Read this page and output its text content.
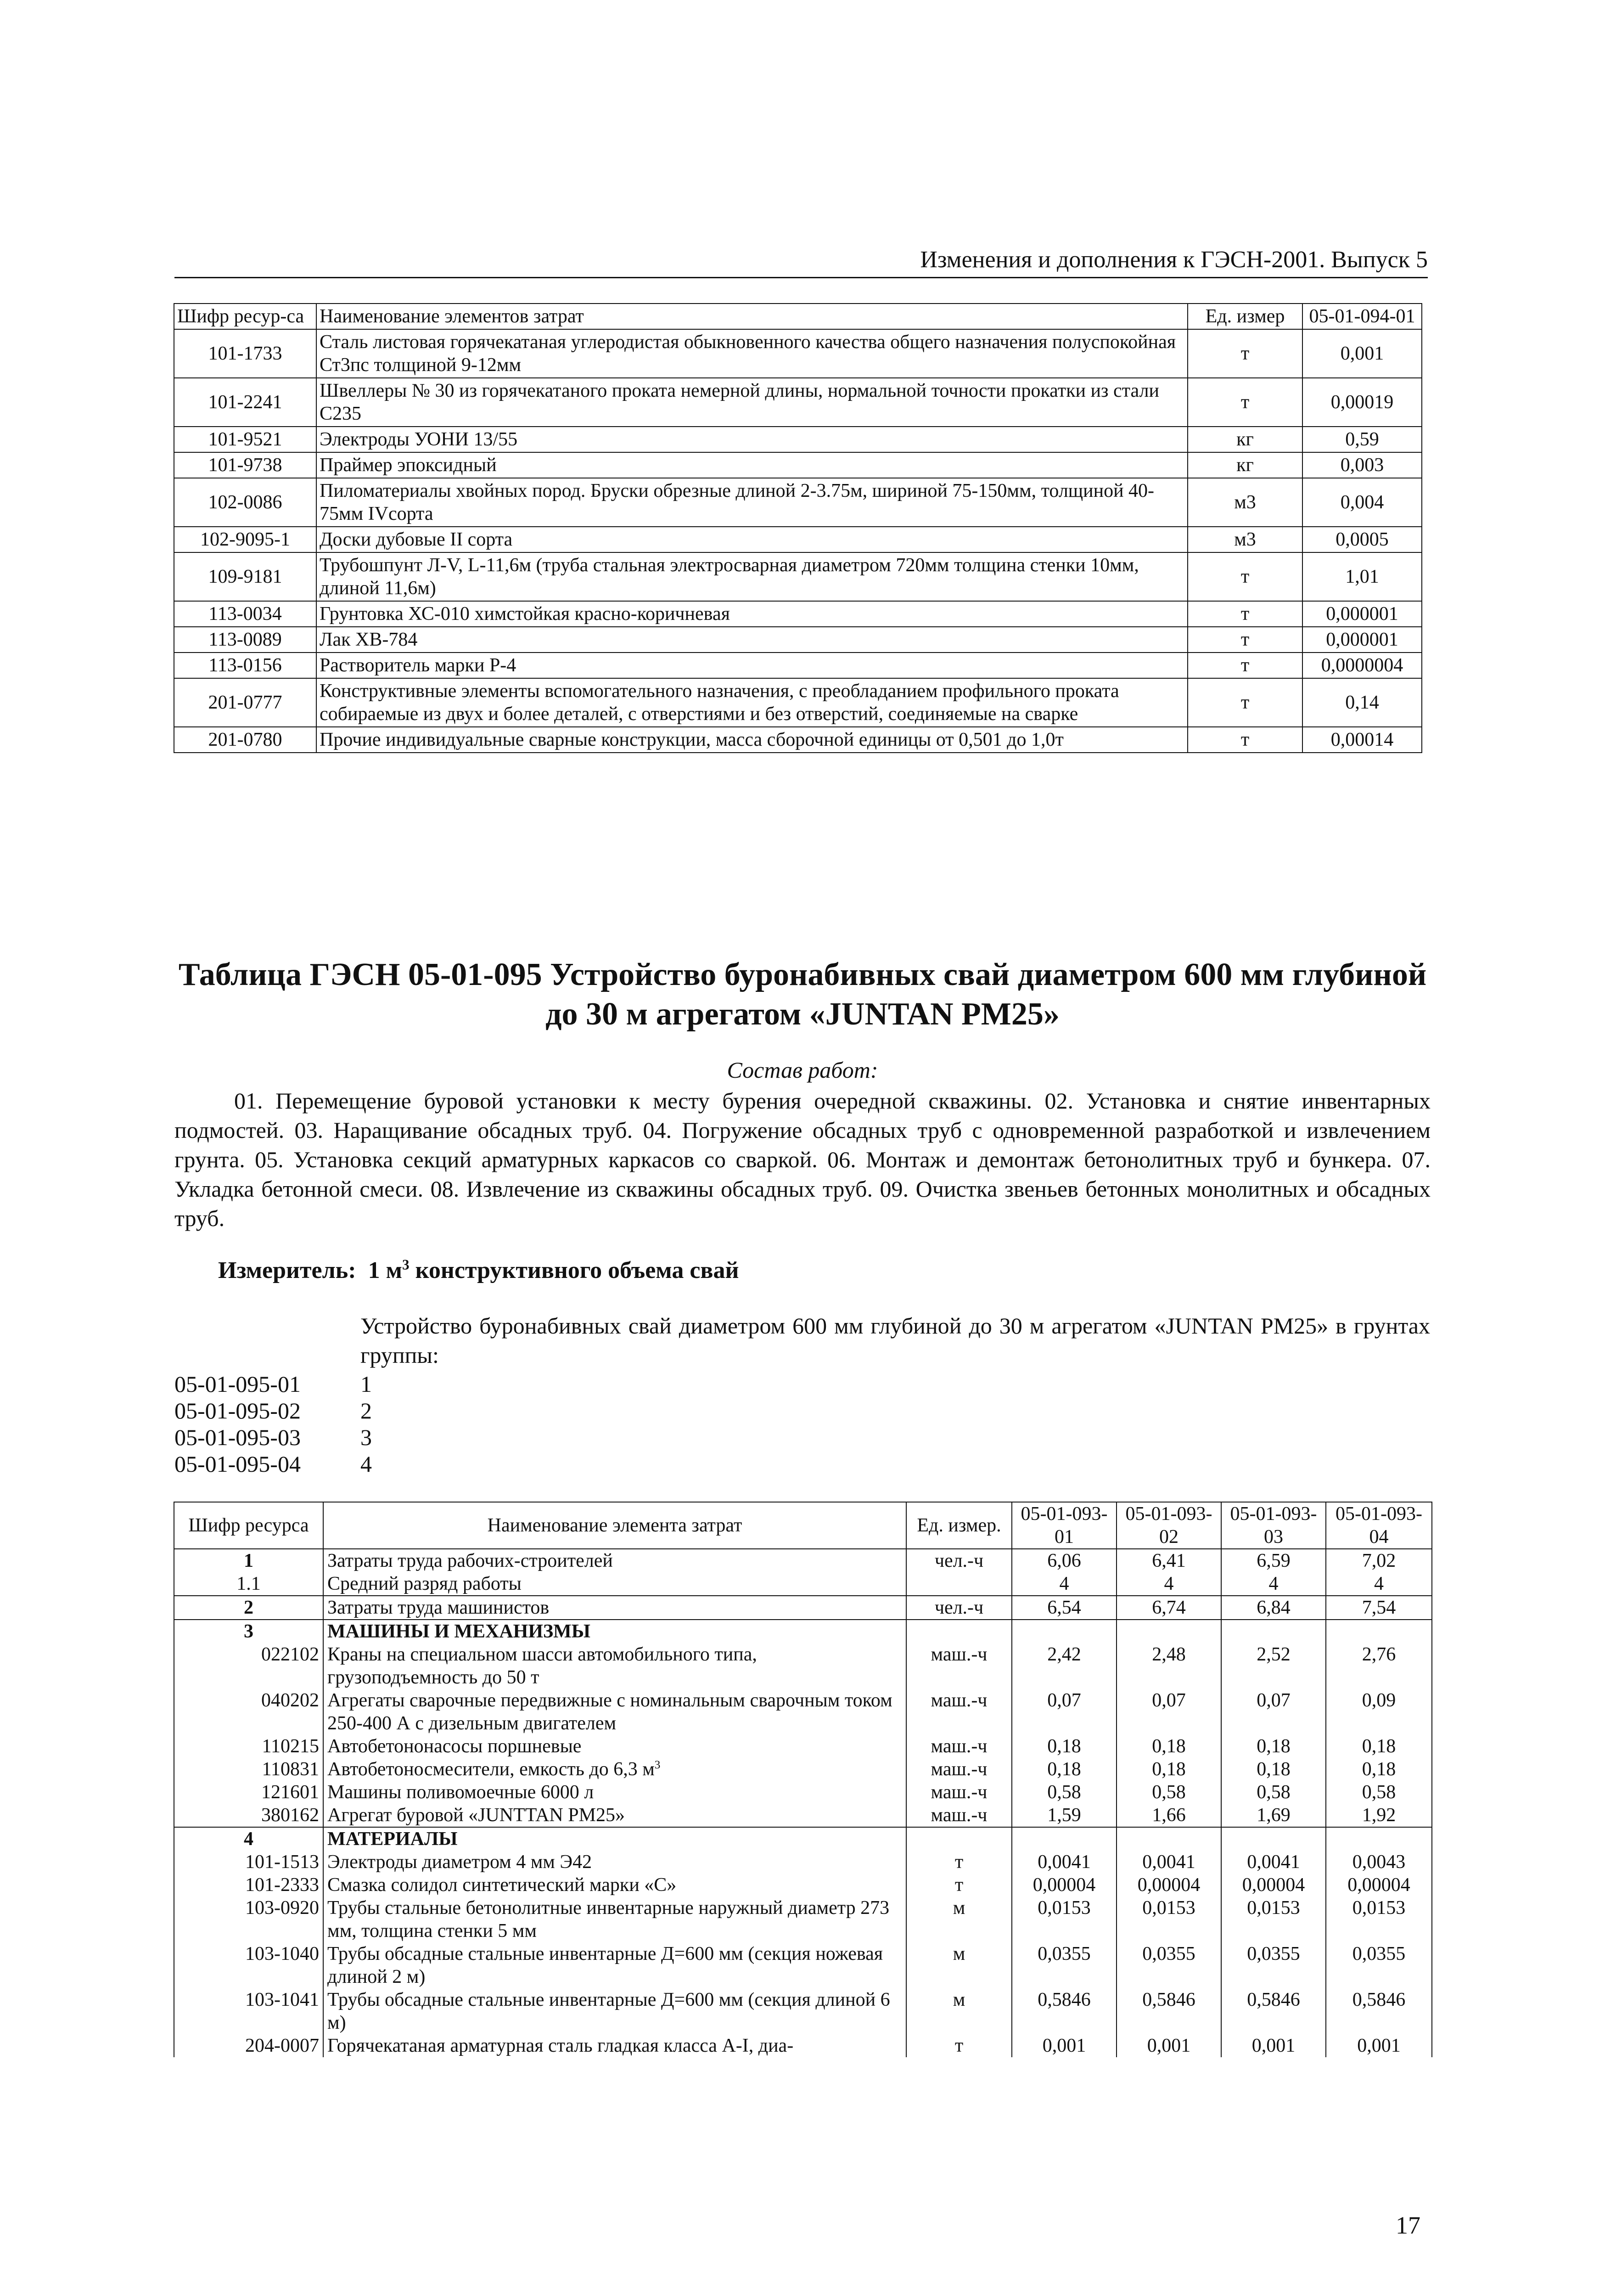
Изменения и дополнения к ГЭСН-2001. Выпуск 5
Шифр ресур-са	Наименование элементов затрат	Ед. измер	05-01-094-01
101-1733	Сталь листовая горячекатаная углеродистая обыкновенного качества общего назначения полуспокойная Ст3пс толщиной 9-12мм	т	0,001
101-2241	Швеллеры № 30 из горячекатаного проката немерной длины, нормальной точности прокатки из стали С235	т	0,00019
101-9521	Электроды УОНИ 13/55	кг	0,59
101-9738	Праймер эпоксидный	кг	0,003
102-0086	Пиломатериалы хвойных пород. Бруски обрезные длиной 2-3.75м, шириной 75-150мм, толщиной 40-75мм IVсорта	м3	0,004
102-9095-1	Доски дубовые II сорта	м3	0,0005
109-9181	Трубошпунт Л-V, L-11,6м (труба стальная электросварная диаметром 720мм толщина стенки 10мм, длиной 11,6м)	т	1,01
113-0034	Грунтовка ХС-010 химстойкая красно-коричневая	т	0,000001
113-0089	Лак ХВ-784	т	0,000001
113-0156	Растворитель марки Р-4	т	0,0000004
201-0777	Конструктивные элементы вспомогательного назначения, с преобладанием профильного проката собираемые из двух и более деталей, с отверстиями и без отверстий, соединяемые на сварке	т	0,14
201-0780	Прочие индивидуальные сварные конструкции, масса сборочной единицы от 0,501 до 1,0т	т	0,00014
Таблица ГЭСН 05-01-095 Устройство буронабивных свай диаметром 600 мм глубиной до 30 м агрегатом «JUNTAN PM25»
Состав работ:
01. Перемещение буровой установки к месту бурения очередной скважины. 02. Установка и снятие инвентарных подмостей. 03. Наращивание обсадных труб. 04. Погружение обсадных труб с одновременной разработкой и извлечением грунта. 05. Установка секций арматурных каркасов со сваркой. 06. Монтаж и демонтаж бетонолитных труб и бункера. 07. Укладка бетонной смеси. 08. Извлечение из скважины обсадных труб. 09. Очистка звеньев бетонных монолитных и обсадных труб.
Измеритель: 1 $м^3$ конструктивного объема свай
Устройство буронабивных свай диаметром 600 мм глубиной до 30 м агрегатом «JUNTAN PM25» в грунтах группы:
05-01-095-01	1
05-01-095-02	2
05-01-095-03	3
05-01-095-04	4
Шифр ресурса	Наименование элемента затрат	Ед. измер.	05-01-093-01	05-01-093-02	05-01-093-03	05-01-093-04
1	Затраты труда рабочих-строителей	чел.-ч	6,06	6,41	6,59	7,02
1.1	Средний разряд работы		4	4	4	4
2	Затраты труда машинистов	чел.-ч	6,54	6,74	6,84	7,54
3	МАШИНЫ И МЕХАНИЗМЫ					
022102	Краны на специальном шасси автомобильного типа, грузоподъемность до 50 т	маш.-ч	2,42	2,48	2,52	2,76
040202	Агрегаты сварочные передвижные с номинальным сварочным током 250-400 А с дизельным двигателем	маш.-ч	0,07	0,07	0,07	0,09
110215	Автобетононасосы поршневые	маш.-ч	0,18	0,18	0,18	0,18
110831	Автобетоносмесители, емкость до 6,3 $м^3$	маш.-ч	0,18	0,18	0,18	0,18
121601	Машины поливомоечные 6000 л	маш.-ч	0,58	0,58	0,58	0,58
380162	Агрегат буровой «JUNTTAN PM25»	маш.-ч	1,59	1,66	1,69	1,92
4	МАТЕРИАЛЫ					
101-1513	Электроды диаметром 4 мм Э42	т	0,0041	0,0041	0,0041	0,0043
101-2333	Смазка солидол синтетический марки «С»	т	0,00004	0,00004	0,00004	0,00004
103-0920	Трубы стальные бетонолитные инвентарные наружный диаметр 273 мм, толщина стенки 5 мм	м	0,0153	0,0153	0,0153	0,0153
103-1040	Трубы обсадные стальные инвентарные Д=600 мм (секция ножевая длиной 2 м)	м	0,0355	0,0355	0,0355	0,0355
103-1041	Трубы обсадные стальные инвентарные Д=600 мм (секция длиной 6 м)	м	0,5846	0,5846	0,5846	0,5846
204-0007	Горячекатаная арматурная сталь гладкая класса А-I, диа-	т	0,001	0,001	0,001	0,001
17
